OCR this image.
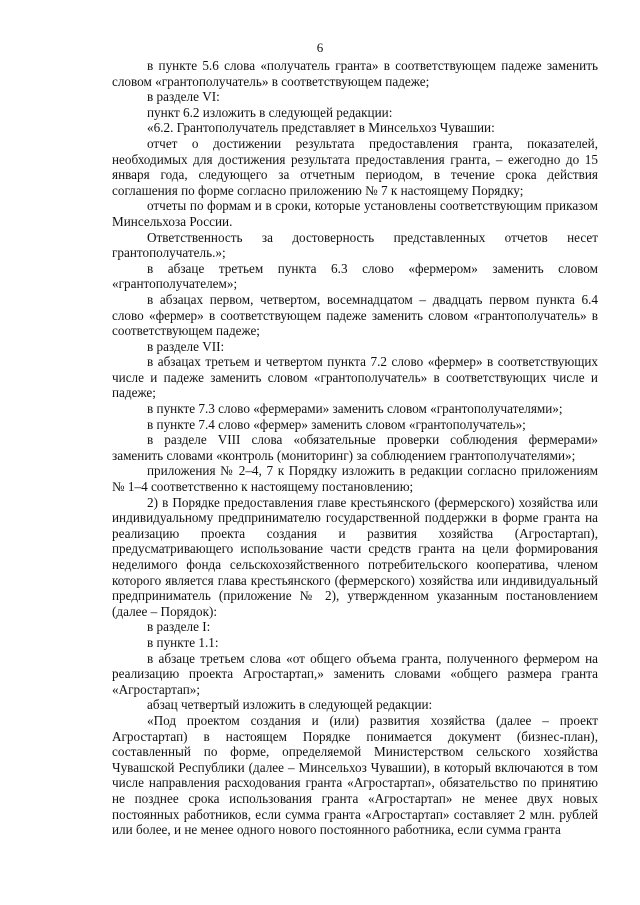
6

в пункте 5.6 слова «получатель гранта» в соответствующем падеже заменить словом «грантополучатель» в соответствующем падеже;

в разделе VI:

пункт 6.2 изложить в следующей редакции:

«6.2. Грантополучатель представляет в Минсельхоз Чувашии:

отчет о достижении результата предоставления гранта, показателей, необходимых для достижения результата предоставления гранта, – ежегодно до 15 января года, следующего за отчетным периодом, в течение срока действия соглашения по форме согласно приложению № 7 к настоящему Порядку;

отчеты по формам и в сроки, которые установлены соответствующим приказом Минсельхоза России.

Ответственность за достоверность представленных отчетов несет грантополучатель.»;

в абзаце третьем пункта 6.3 слово «фермером» заменить словом «грантополучателем»;

в абзацах первом, четвертом, восемнадцатом – двадцать первом пункта 6.4 слово «фермер» в соответствующем падеже заменить словом «грантополучатель» в соответствующем падеже;

в разделе VII:

в абзацах третьем и четвертом пункта 7.2 слово «фермер» в соответствующих числе и падеже заменить словом «грантополучатель» в соответствующих числе и падеже;

в пункте 7.3 слово «фермерами» заменить словом «грантополучателями»;

в пункте 7.4 слово «фермер» заменить словом «грантополучатель»;

в разделе VIII слова «обязательные проверки соблюдения фермерами» заменить словами «контроль (мониторинг) за соблюдением грантополучателями»;

приложения № 2–4, 7 к Порядку изложить в редакции согласно приложениям № 1–4 соответственно к настоящему постановлению;

2) в Порядке предоставления главе крестьянского (фермерского) хозяйства или индивидуальному предпринимателю государственной поддержки в форме гранта на реализацию проекта создания и развития хозяйства (Агростартап), предусматривающего использование части средств гранта на цели формирования неделимого фонда сельскохозяйственного потребительского кооператива, членом которого является глава крестьянского (фермерского) хозяйства или индивидуальный предприниматель (приложение № 2), утвержденном указанным постановлением (далее – Порядок):

в разделе I:

в пункте 1.1:

в абзаце третьем слова «от общего объема гранта, полученного фермером на реализацию проекта Агростартап,» заменить словами «общего размера гранта «Агростартап»;

абзац четвертый изложить в следующей редакции:

«Под проектом создания и (или) развития хозяйства (далее – проект Агростартап) в настоящем Порядке понимается документ (бизнес-план), составленный по форме, определяемой Министерством сельского хозяйства Чувашской Республики (далее – Минсельхоз Чувашии), в который включаются в том числе направления расходования гранта «Агростартап», обязательство по принятию не позднее срока использования гранта «Агростартап» не менее двух новых постоянных работников, если сумма гранта «Агростартап» составляет 2 млн. рублей или более, и не менее одного нового постоянного работника, если сумма гранта
